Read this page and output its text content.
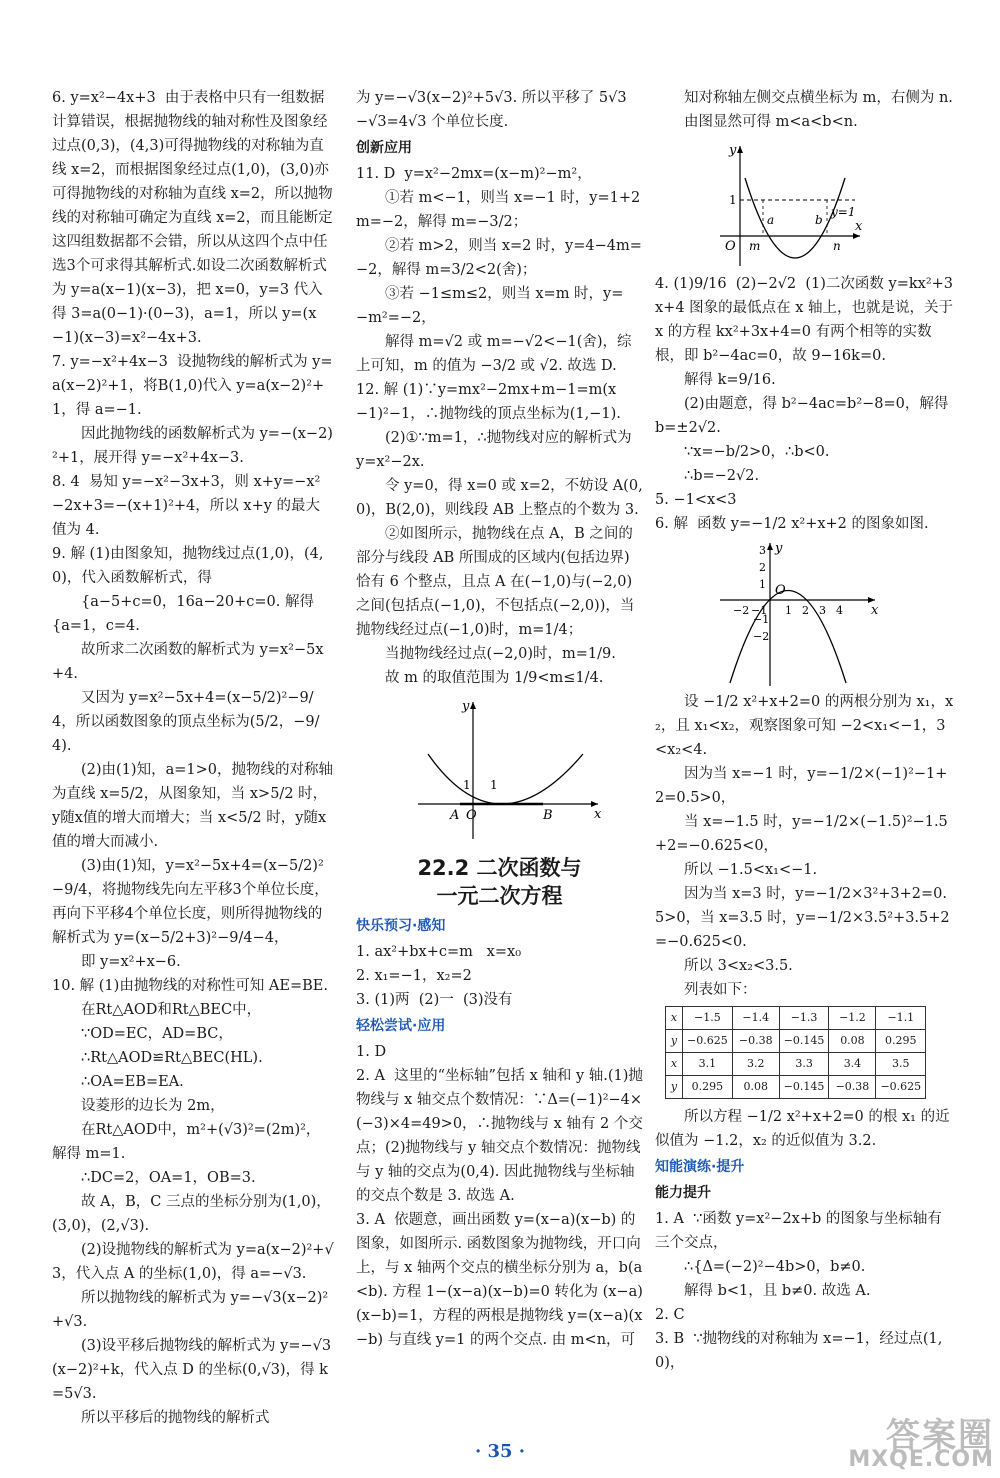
6. y=x²−4x+3  由于表格中只有一组数据计算错误，根据抛物线的轴对称性及图象经过点(0,3)，(4,3)可得抛物线的对称轴为直线 x=2，而根据图象经过点(1,0)，(3,0)亦可得抛物线的对称轴为直线 x=2，所以抛物线的对称轴可确定为直线 x=2，而且能断定这四组数据都不会错，所以从这四个点中任选3个可求得其解析式.如设二次函数解析式为 y=a(x−1)(x−3)，把 x=0，y=3 代入得 3=a(0−1)·(0−3)，a=1，所以 y=(x−1)(x−3)=x²−4x+3.

7. y=−x²+4x−3  设抛物线的解析式为 y=a(x−2)²+1，将B(1,0)代入 y=a(x−2)²+1，得 a=−1.

因此抛物线的函数解析式为 y=−(x−2)²+1，展开得 y=−x²+4x−3.

8. 4  易知 y=−x²−3x+3，则 x+y=−x²−2x+3=−(x+1)²+4，所以 x+y 的最大值为 4.

9. 解 (1)由图象知，抛物线过点(1,0)，(4,0)，代入函数解析式，得

{a−5+c=0，16a−20+c=0. 解得 {a=1，c=4.

故所求二次函数的解析式为 y=x²−5x+4.

又因为 y=x²−5x+4=(x−5/2)²−9/4，所以函数图象的顶点坐标为(5/2，−9/4).

(2)由(1)知，a=1>0，抛物线的对称轴为直线 x=5/2，从图象知，当 x>5/2 时，y随x值的增大而增大；当 x<5/2 时，y随x值的增大而减小.

(3)由(1)知，y=x²−5x+4=(x−5/2)²−9/4，将抛物线先向左平移3个单位长度，再向下平移4个单位长度，则所得抛物线的解析式为 y=(x−5/2+3)²−9/4−4，

即 y=x²+x−6.

10. 解 (1)由抛物线的对称性可知 AE=BE.

在Rt△AOD和Rt△BEC中，

∵OD=EC，AD=BC，

∴Rt△AOD≌Rt△BEC(HL).

∴OA=EB=EA.

设菱形的边长为 2m，

在Rt△AOD中，m²+(√3)²=(2m)²，解得 m=1.

∴DC=2，OA=1，OB=3.

故 A，B，C 三点的坐标分别为(1,0)，(3,0)，(2,√3).

(2)设抛物线的解析式为 y=a(x−2)²+√3，代入点 A 的坐标(1,0)，得 a=−√3.

所以抛物线的解析式为 y=−√3(x−2)²+√3.

(3)设平移后抛物线的解析式为 y=−√3(x−2)²+k，代入点 D 的坐标(0,√3)，得 k=5√3.

所以平移后的抛物线的解析式

为 y=−√3(x−2)²+5√3. 所以平移了 5√3−√3=4√3 个单位长度.

创新应用

11. D  y=x²−2mx=(x−m)²−m²，

①若 m<−1，则当 x=−1 时，y=1+2m=−2，解得 m=−3/2；

②若 m>2，则当 x=2 时，y=4−4m=−2，解得 m=3/2<2(舍)；

③若 −1≤m≤2，则当 x=m 时，y=−m²=−2，

解得 m=√2 或 m=−√2<−1(舍)，综上可知，m 的值为 −3/2 或 √2. 故选 D.

12. 解 (1)∵y=mx²−2mx+m−1=m(x−1)²−1，∴抛物线的顶点坐标为(1,−1).

(2)①∵m=1，∴抛物线对应的解析式为 y=x²−2x.

令 y=0，得 x=0 或 x=2，不妨设 A(0,0)，B(2,0)，则线段 AB 上整点的个数为 3.

②如图所示，抛物线在点 A，B 之间的部分与线段 AB 所围成的区域内(包括边界)恰有 6 个整点，且点 A 在(−1,0)与(−2,0)之间(包括点(−1,0)，不包括点(−2,0))，当抛物线经过点(−1,0)时，m=1/4；

当抛物线经过点(−2,0)时，m=1/9.

故 m 的取值范围为 1/9<m≤1/4.

y
x
1 1
A O	B
22.2 二次函数与
一元二次方程
快乐预习·感知

1. ax²+bx+c=m   x=x₀

2. x₁=−1，x₂=2

3. (1)两  (2)一  (3)没有

轻松尝试·应用

1. D

2. A  这里的“坐标轴”包括 x 轴和 y 轴.(1)抛物线与 x 轴交点个数情况：∵Δ=(−1)²−4×(−3)×4=49>0，∴抛物线与 x 轴有 2 个交点；(2)抛物线与 y 轴交点个数情况：抛物线与 y 轴的交点为(0,4). 因此抛物线与坐标轴的交点个数是 3. 故选 A.

3. A  依题意，画出函数 y=(x−a)(x−b) 的图象，如图所示. 函数图象为抛物线，开口向上，与 x 轴两个交点的横坐标分别为 a，b(a<b). 方程 1−(x−a)(x−b)=0 转化为 (x−a)(x−b)=1，方程的两根是抛物线 y=(x−a)(x−b) 与直线 y=1 的两个交点. 由 m<n，可

知对称轴左侧交点横坐标为 m，右侧为 n.

由图显然可得 m<a<b<n.

y
x
1
O m
a	b
n
y=1

4. (1)9/16  (2)−2√2  (1)二次函数 y=kx²+3x+4 图象的最低点在 x 轴上，也就是说，关于 x 的方程 kx²+3x+4=0 有两个相等的实数根，即 b²−4ac=0，故 9−16k=0.

解得 k=9/16.

(2)由题意，得 b²−4ac=b²−8=0，解得 b=±2√2.

∵x=−b/2>0，∴b<0.

∴b=−2√2.

5. −1<x<3

6. 解  函数 y=−1/2 x²+x+2 的图象如图.

y
x
O
−2 −1 1 2 3 4
3
2
1
−1
−2

设 −1/2 x²+x+2=0 的两根分别为 x₁，x₂，且 x₁<x₂，观察图象可知 −2<x₁<−1，3<x₂<4.

因为当 x=−1 时，y=−1/2×(−1)²−1+2=0.5>0，

当 x=−1.5 时，y=−1/2×(−1.5)²−1.5+2=−0.625<0，

所以 −1.5<x₁<−1.

因为当 x=3 时，y=−1/2×3²+3+2=0.5>0，当 x=3.5 时，y=−1/2×3.5²+3.5+2=−0.625<0.

所以 3<x₂<3.5.

列表如下：

x	−1.5	−1.4	−1.3	−1.2	−1.1
y	−0.625	−0.38	−0.145	0.08	0.295
x	3.1	3.2	3.3	3.4	3.5
y	0.295	0.08	−0.145	−0.38	−0.625

所以方程 −1/2 x²+x+2=0 的根 x₁ 的近似值为 −1.2，x₂ 的近似值为 3.2.

知能演练·提升
能力提升

1. A  ∵函数 y=x²−2x+b 的图象与坐标轴有三个交点，

∴{Δ=(−2)²−4b>0，b≠0.

解得 b<1，且 b≠0. 故选 A.

2. C

3. B  ∵抛物线的对称轴为 x=−1，经过点(1,0)，

· 35 ·	答案圈
MXQE.COM
